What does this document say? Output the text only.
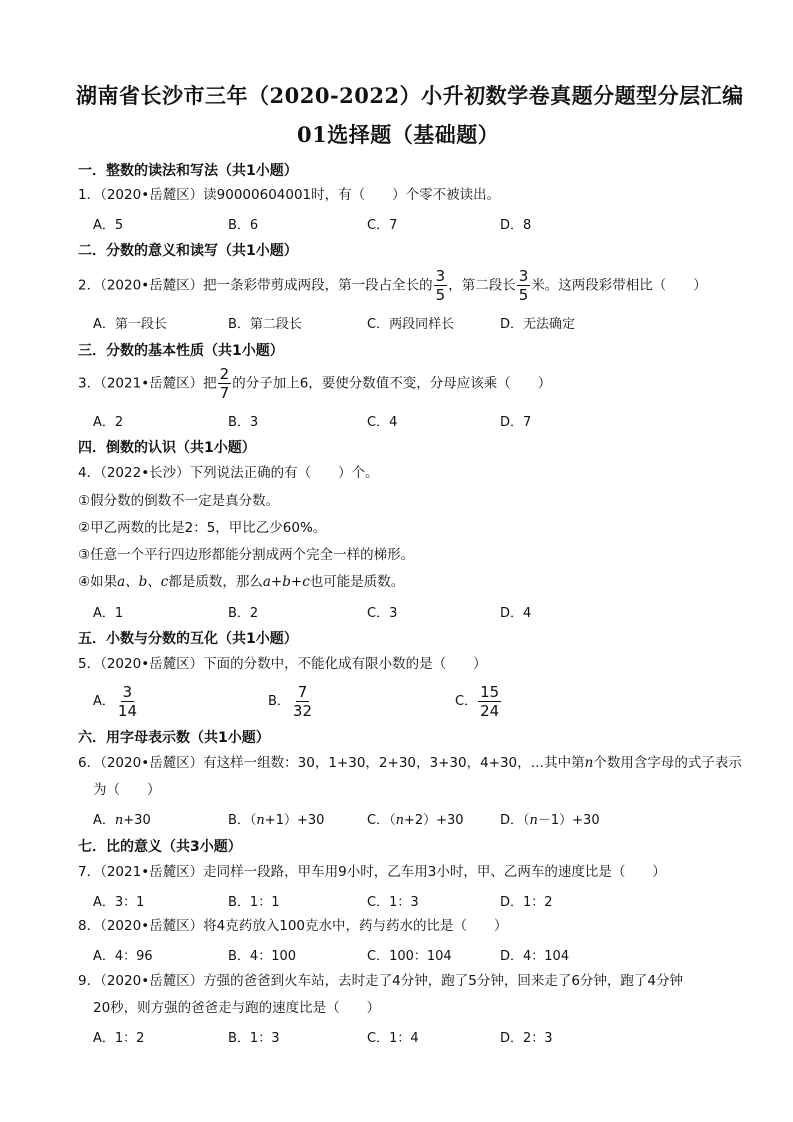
湖南省长沙市三年（2020-2022）小升初数学卷真题分题型分层汇编
01选择题（基础题）
一．整数的读法和写法（共1小题）
1．（2020•岳麓区）读90000604001时，有（　　）个零不被读出。
A．5	B．6	C．7	D．8
二．分数的意义和读写（共1小题）
2．（2020•岳麓区）把一条彩带剪成两段，第一段占全长的 $\frac{3}{5}$ ，第二段长 $\frac{3}{5}$ 米。这两段彩带相比（　　）
A．第一段长	B．第二段长	C．两段同样长	D．无法确定
三．分数的基本性质（共1小题）
3．（2021•岳麓区）把 $\frac{2}{7}$ 的分子加上6，要使分数值不变，分母应该乘（　　）
A．2	B．3	C．4	D．7
四．倒数的认识（共1小题）
4．（2022•长沙）下列说法正确的有（　　）个。
①假分数的倒数不一定是真分数。
②甲乙两数的比是2：5，甲比乙少60%。
③任意一个平行四边形都能分割成两个完全一样的梯形。
④如果a、b、c都是质数，那么a+b+c也可能是质数。
A．1	B．2	C．3	D．4
五．小数与分数的互化（共1小题）
5．（2020•岳麓区）下面的分数中，不能化成有限小数的是（　　）
A． $\frac{3}{14}$	B． $\frac{7}{32}$	C． $\frac{15}{24}$
六．用字母表示数（共1小题）
6．（2020•岳麓区）有这样一组数：30，1+30，2+30，3+30，4+30，…其中第n个数用含字母的式子表示
为（　　）
A．n+30	B．（n+1）+30	C．（n+2）+30	D．（n－1）+30
七．比的意义（共3小题）
7．（2021•岳麓区）走同样一段路，甲车用9小时，乙车用3小时，甲、乙两车的速度比是（　　）
A．3：1	B．1：1	C．1：3	D．1：2
8．（2020•岳麓区）将4克药放入100克水中，药与药水的比是（　　）
A．4：96	B．4：100	C．100：104	D．4：104
9．（2020•岳麓区）方强的爸爸到火车站，去时走了4分钟，跑了5分钟，回来走了6分钟，跑了4分钟
20秒，则方强的爸爸走与跑的速度比是（　　）
A．1：2	B．1：3	C．1：4	D．2：3
